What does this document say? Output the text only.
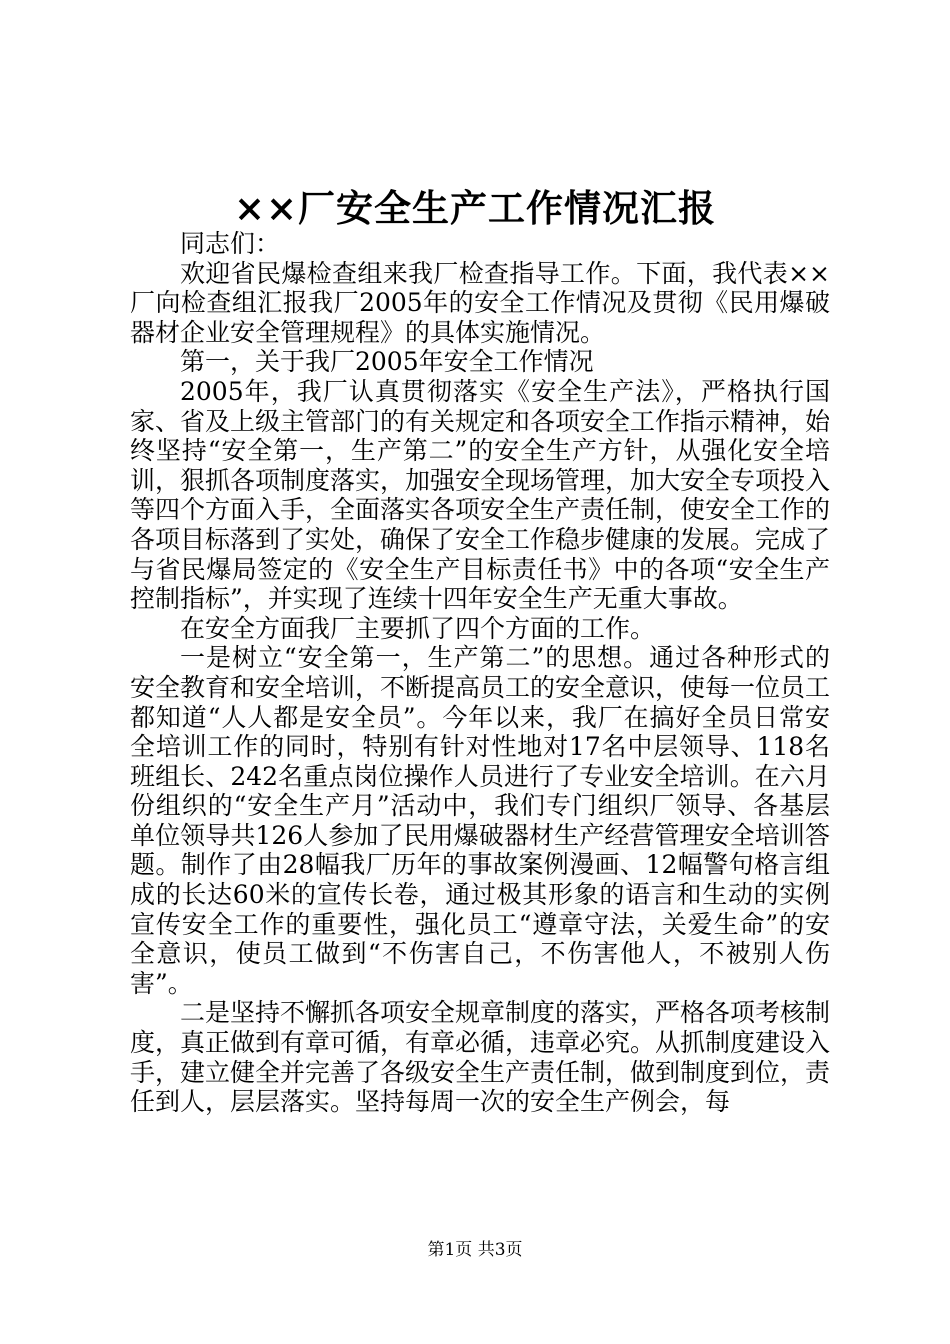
××厂安全生产工作情况汇报

同志们：

欢迎省民爆检查组来我厂检查指导工作。下面，我代表××厂向检查组汇报我厂2005年的安全工作情况及贯彻《民用爆破器材企业安全管理规程》的具体实施情况。

第一，关于我厂2005年安全工作情况

2005年，我厂认真贯彻落实《安全生产法》，严格执行国家、省及上级主管部门的有关规定和各项安全工作指示精神，始终坚持“安全第一，生产第二”的安全生产方针，从强化安全培训，狠抓各项制度落实，加强安全现场管理，加大安全专项投入等四个方面入手，全面落实各项安全生产责任制，使安全工作的各项目标落到了实处，确保了安全工作稳步健康的发展。完成了与省民爆局签定的《安全生产目标责任书》中的各项“安全生产控制指标”，并实现了连续十四年安全生产无重大事故。

在安全方面我厂主要抓了四个方面的工作。

一是树立“安全第一，生产第二”的思想。通过各种形式的安全教育和安全培训，不断提高员工的安全意识，使每一位员工都知道“人人都是安全员”。今年以来，我厂在搞好全员日常安全培训工作的同时，特别有针对性地对17名中层领导、118名班组长、242名重点岗位操作人员进行了专业安全培训。在六月份组织的“安全生产月”活动中，我们专门组织厂领导、各基层单位领导共126人参加了民用爆破器材生产经营管理安全培训答题。制作了由28幅我厂历年的事故案例漫画、12幅警句格言组成的长达60米的宣传长卷，通过极其形象的语言和生动的实例宣传安全工作的重要性，强化员工“遵章守法，关爱生命”的安全意识，使员工做到“不伤害自己，不伤害他人，不被别人伤害”。

二是坚持不懈抓各项安全规章制度的落实，严格各项考核制度，真正做到有章可循，有章必循，违章必究。从抓制度建设入手，建立健全并完善了各级安全生产责任制，做到制度到位，责任到人，层层落实。坚持每周一次的安全生产例会，每

第1页 共3页
